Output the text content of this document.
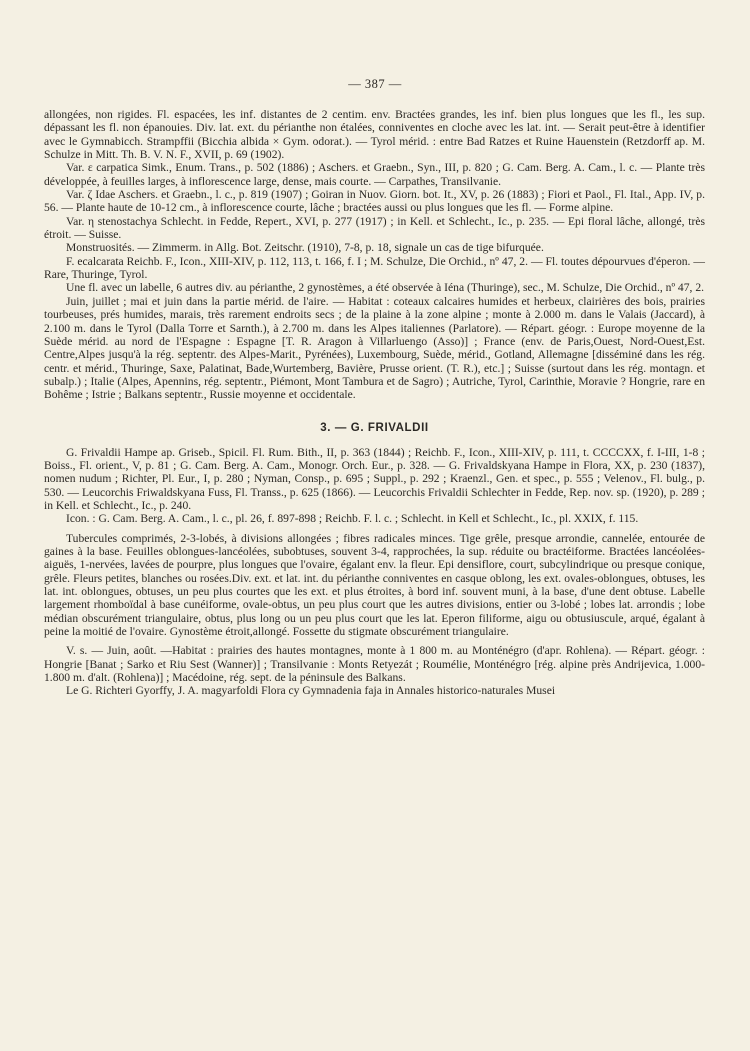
— 387 —

allongées, non rigides. Fl. espacées, les inf. distantes de 2 centim. env. Bractées grandes, les inf. bien plus longues que les fl., les sup. dépassant les fl. non épanouies. Div. lat. ext. du périanthe non étalées, conniventes en cloche avec les lat. int. — Serait peut-être à identifier avec le Gymnabicch. Strampffii (Bicchia albida × Gym. odorat.). — Tyrol mérid. : entre Bad Ratzes et Ruine Hauenstein (Retzdorff ap. M. Schulze in Mitt. Th. B. V. N. F., XVII, p. 69 (1902).

Var. ε carpatica Simk., Enum. Trans., p. 502 (1886) ; Aschers. et Graebn., Syn., III, p. 820 ; G. Cam. Berg. A. Cam., l. c. — Plante très développée, à feuilles larges, à inflorescence large, dense, mais courte. — Carpathes, Transilvanie.

Var. ζ Idae Aschers. et Graebn., l. c., p. 819 (1907) ; Goiran in Nuov. Giorn. bot. It., XV, p. 26 (1883) ; Fiori et Paol., Fl. Ital., App. IV, p. 56. — Plante haute de 10-12 cm., à inflorescence courte, lâche ; bractées aussi ou plus longues que les fl. — Forme alpine.

Var. η stenostachya Schlecht. in Fedde, Repert., XVI, p. 277 (1917) ; in Kell. et Schlecht., Ic., p. 235. — Epi floral lâche, allongé, très étroit. — Suisse.

Monstruosités. — Zimmerm. in Allg. Bot. Zeitschr. (1910), 7-8, p. 18, signale un cas de tige bifurquée.

F. ecalcarata Reichb. F., Icon., XIII-XIV, p. 112, 113, t. 166, f. I ; M. Schulze, Die Orchid., nº 47, 2. — Fl. toutes dépourvues d'éperon. — Rare, Thuringe, Tyrol.

Une fl. avec un labelle, 6 autres div. au périanthe, 2 gynostèmes, a été observée à Iéna (Thuringe), sec., M. Schulze, Die Orchid., nº 47, 2.

Juin, juillet ; mai et juin dans la partie mérid. de l'aire. — Habitat : coteaux calcaires humides et herbeux, clairières des bois, prairies tourbeuses, prés humides, marais, très rarement endroits secs ; de la plaine à la zone alpine ; monte à 2.000 m. dans le Valais (Jaccard), à 2.100 m. dans le Tyrol (Dalla Torre et Sarnth.), à 2.700 m. dans les Alpes italiennes (Parlatore). — Répart. géogr. : Europe moyenne de la Suède mérid. au nord de l'Espagne : Espagne [T. R. Aragon à Villarluengo (Asso)] ; France (env. de Paris,Ouest, Nord-Ouest,Est. Centre,Alpes jusqu'à la rég. septentr. des Alpes-Marit., Pyrénées), Luxembourg, Suède, mérid., Gotland, Allemagne [disséminé dans les rég. centr. et mérid., Thuringe, Saxe, Palatinat, Bade,Wurtemberg, Bavière, Prusse orient. (T. R.), etc.] ; Suisse (surtout dans les rég. montagn. et subalp.) ; Italie (Alpes, Apennins, rég. septentr., Piémont, Mont Tambura et de Sagro) ; Autriche, Tyrol, Carinthie, Moravie ? Hongrie, rare en Bohême ; Istrie ; Balkans septentr., Russie moyenne et occidentale.

3. — G. FRIVALDII

G. Frivaldii Hampe ap. Griseb., Spicil. Fl. Rum. Bith., II, p. 363 (1844) ; Reichb. F., Icon., XIII-XIV, p. 111, t. CCCCXX, f. I-III, 1-8 ; Boiss., Fl. orient., V, p. 81 ; G. Cam. Berg. A. Cam., Monogr. Orch. Eur., p. 328. — G. Frivaldskyana Hampe in Flora, XX, p. 230 (1837), nomen nudum ; Richter, Pl. Eur., I, p. 280 ; Nyman, Consp., p. 695 ; Suppl., p. 292 ; Kraenzl., Gen. et spec., p. 555 ; Velenov., Fl. bulg., p. 530. — Leucorchis Friwaldskyana Fuss, Fl. Transs., p. 625 (1866). — Leucorchis Frivaldii Schlechter in Fedde, Rep. nov. sp. (1920), p. 289 ; in Kell. et Schlecht., Ic., p. 240.

Icon. : G. Cam. Berg. A. Cam., l. c., pl. 26, f. 897-898 ; Reichb. F. l. c. ; Schlecht. in Kell et Schlecht., Ic., pl. XXIX, f. 115.

Tubercules comprimés, 2-3-lobés, à divisions allongées ; fibres radicales minces. Tige grêle, presque arrondie, cannelée, entourée de gaines à la base. Feuilles oblongues-lancéolées, subobtuses, souvent 3-4, rapprochées, la sup. réduite ou bractéiforme. Bractées lancéolées-aiguës, 1-nervées, lavées de pourpre, plus longues que l'ovaire, égalant env. la fleur. Epi densiflore, court, subcylindrique ou presque conique, grêle. Fleurs petites, blanches ou rosées.Div. ext. et lat. int. du périanthe conniventes en casque oblong, les ext. ovales-oblongues, obtuses, les lat. int. oblongues, obtuses, un peu plus courtes que les ext. et plus étroites, à bord inf. souvent muni, à la base, d'une dent obtuse. Labelle largement rhomboïdal à base cunéiforme, ovale-obtus, un peu plus court que les autres divisions, entier ou 3-lobé ; lobes lat. arrondis ; lobe médian obscurément triangulaire, obtus, plus long ou un peu plus court que les lat. Eperon filiforme, aigu ou obtusiuscule, arqué, égalant à peine la moitié de l'ovaire. Gynostème étroit,allongé. Fossette du stigmate obscurément triangulaire.

V. s. — Juin, août. —Habitat : prairies des hautes montagnes, monte à 1 800 m. au Monténégro (d'apr. Rohlena). — Répart. géogr. : Hongrie [Banat ; Sarko et Riu Sest (Wanner)] ; Transilvanie : Monts Retyezát ; Roumélie, Monténégro [rég. alpine près Andrijevica, 1.000-1.800 m. d'alt. (Rohlena)] ; Macédoine, rég. sept. de la péninsule des Balkans.

Le G. Richteri Gyorffy, J. A. magyarfoldi Flora cy Gymnadenia faja in Annales historico-naturales Musei
